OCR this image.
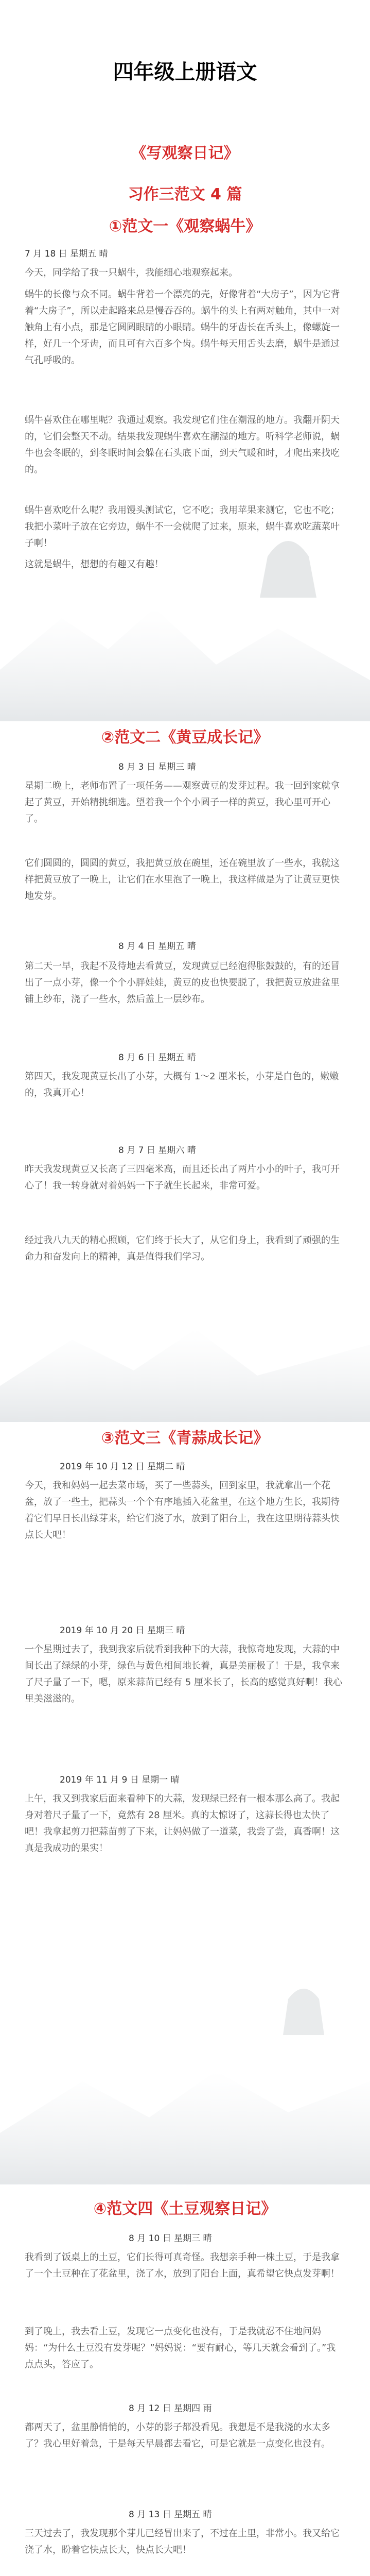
四年级上册语文
《写观察日记》
习作三范文 4 篇
①范文一《观察蜗牛》
7 月 18 日 星期五 晴
今天，同学给了我一只蜗牛，我能细心地观察起来。
蜗牛的长像与众不同。蜗牛背着一个漂亮的壳，好像背着“大房子”，因为它背着“大房子”，所以走起路来总是慢吞吞的。蜗牛的头上有两对触角，其中一对触角上有小点，那是它圆圆眼睛的小眼睛。蜗牛的牙齿长在舌头上，像螺旋一样，好几一个牙齿，而且可有六百多个齿。蜗牛每天用舌头去磨，蜗牛是通过气孔呼吸的。
蜗牛喜欢住在哪里呢？我通过观察。我发现它们住在潮湿的地方。我翻开阴天的，它们会整天不动。结果我发现蜗牛喜欢在潮湿的地方。听科学老师说，蜗牛也会冬眠的，到冬眠时间会躲在石头底下面，到天气暖和时，才爬出来找吃的。
蜗牛喜欢吃什么呢？我用馒头测试它，它不吃；我用苹果来测它，它也不吃；我把小菜叶子放在它旁边，蜗牛不一会就爬了过来，原来，蜗牛喜欢吃蔬菜叶子啊！
这就是蜗牛，想想的有趣又有趣！
②范文二《黄豆成长记》
8 月 3 日 星期三 晴
星期二晚上，老师布置了一项任务——观察黄豆的发芽过程。我一回到家就拿起了黄豆，开始精挑细选。望着我一个个小圆子一样的黄豆，我心里可开心了。
它们圆圆的，圆圆的黄豆，我把黄豆放在碗里，还在碗里放了一些水，我就这样把黄豆放了一晚上，让它们在水里泡了一晚上，我这样做是为了让黄豆更快地发芽。
8 月 4 日 星期五 晴
第二天一早，我起不及待地去看黄豆，发现黄豆已经泡得胀鼓鼓的，有的还冒出了一点小芽，像一个个小胖娃娃，黄豆的皮也快要脱了，我把黄豆放进盆里铺上纱布，浇了一些水，然后盖上一层纱布。
8 月 6 日 星期五 晴
第四天，我发现黄豆长出了小芽，大概有 1～2 厘米长，小芽是白色的，嫩嫩的，我真开心！
8 月 7 日 星期六 晴
昨天我发现黄豆又长高了三四毫米高，而且还长出了两片小小的叶子，我可开心了！我一转身就对着妈妈一下子就生长起来，非常可爱。
经过我八九天的精心照顾，它们终于长大了，从它们身上，我看到了顽强的生命力和奋发向上的精神，真是值得我们学习。
③范文三《青蒜成长记》
2019 年 10 月 12 日 星期二 晴
今天，我和妈妈一起去菜市场，买了一些蒜头，回到家里，我就拿出一个花盆，放了一些土，把蒜头一个个有序地插入花盆里，在这个地方生长，我期待着它们早日长出绿芽来，给它们浇了水，放到了阳台上，我在这里期待蒜头快点长大吧！
2019 年 10 月 20 日 星期三 晴
一个星期过去了，我到我家后就看到我种下的大蒜，我惊奇地发现，大蒜的中间长出了绿绿的小芽，绿色与黄色相间地长着，真是美丽极了！于是，我拿来了尺子量了一下，嗯，原来蒜苗已经有 5 厘米长了，长高的感觉真好啊！我心里美滋滋的。
2019 年 11 月 9 日 星期一 晴
上午，我又到我家后面来看种下的大蒜，发现绿已经有一根本那么高了。我起身对着尺子量了一下，竟然有 28 厘米。真的太惊讶了，这蒜长得也太快了吧！我拿起剪刀把蒜苗剪了下来，让妈妈做了一道菜，我尝了尝，真香啊！这真是我成功的果实！
④范文四《土豆观察日记》
8 月 10 日 星期三 晴
我看到了饭桌上的土豆，它们长得可真奇怪。我想亲手种一株土豆，于是我拿了一个土豆种在了花盆里，浇了水，放到了阳台上面，真希望它快点发芽啊！
到了晚上，我去看土豆，发现它一点变化也没有，于是我就忍不住地问妈妈：“为什么土豆没有发芽呢？”妈妈说：“要有耐心，等几天就会看到了。”我点点头，答应了。
8 月 12 日 星期四 雨
都两天了，盆里静悄悄的，小芽的影子都没看见。我想是不是我浇的水太多了？我心里好着急，于是每天早晨都去看它，可是它就是一点变化也没有。
8 月 13 日 星期五 晴
三天过去了，我发现那个芽儿已经冒出来了，不过在土里，非常小。我又给它浇了水，盼着它快点长大，快点长大吧！
